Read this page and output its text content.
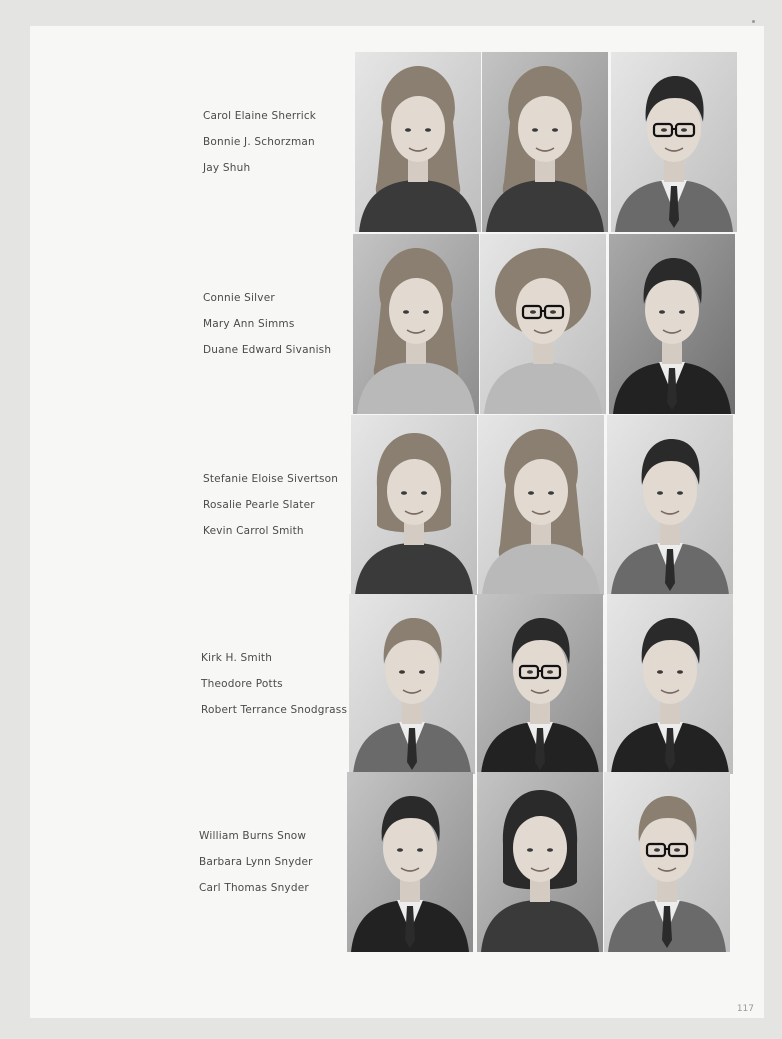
Carol Elaine Sherrick
Bonnie J. Schorzman
Jay Shuh
Connie Silver
Mary Ann Simms
Duane Edward Sivanish
Stefanie Eloise Sivertson
Rosalie Pearle Slater
Kevin Carrol Smith
Kirk H. Smith
Theodore Potts
Robert Terrance Snodgrass
William Burns Snow
Barbara Lynn Snyder
Carl Thomas Snyder
117
